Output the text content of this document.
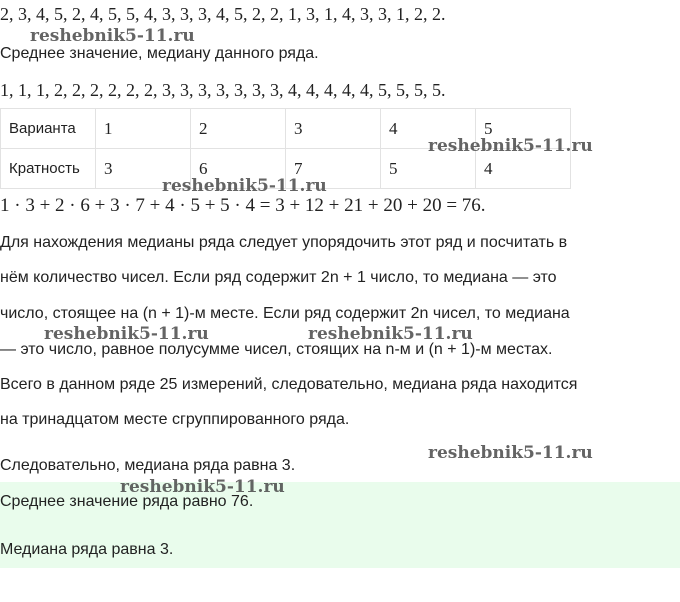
2, 3, 4, 5, 2, 4, 5, 5, 4, 3, 3, 3, 4, 5, 2, 2, 1, 3, 1, 4, 3, 3, 1, 2, 2.
Среднее значение, медиану данного ряда.
1, 1, 1, 2, 2, 2, 2, 2, 2, 3, 3, 3, 3, 3, 3, 3, 4, 4, 4, 4, 4, 5, 5, 5, 5.
Варианта	1	2	3	4	5
Кратность	3	6	7	5	4
1 · 3 + 2 · 6 + 3 · 7 + 4 · 5 + 5 · 4 = 3 + 12 + 21 + 20 + 20 = 76.
Для нахождения медианы ряда следует упорядочить этот ряд и посчитать в
нём количество чисел. Если ряд содержит 2n + 1 число, то медиана — это
число, стоящее на (n + 1)-м месте. Если ряд содержит 2n чисел, то медиана
— это число, равное полусумме чисел, стоящих на n-м и (n + 1)-м местах.
Всего в данном ряде 25 измерений, следовательно, медиана ряда находится
на тринадцатом месте сгруппированного ряда.
Следовательно, медиана ряда равна 3.
Среднее значение ряда равно 76.
Медиана ряда равна 3.
reshebnik5-11.ru
reshebnik5-11.ru
reshebnik5-11.ru
reshebnik5-11.ru	reshebnik5-11.ru
reshebnik5-11.ru
reshebnik5-11.ru
